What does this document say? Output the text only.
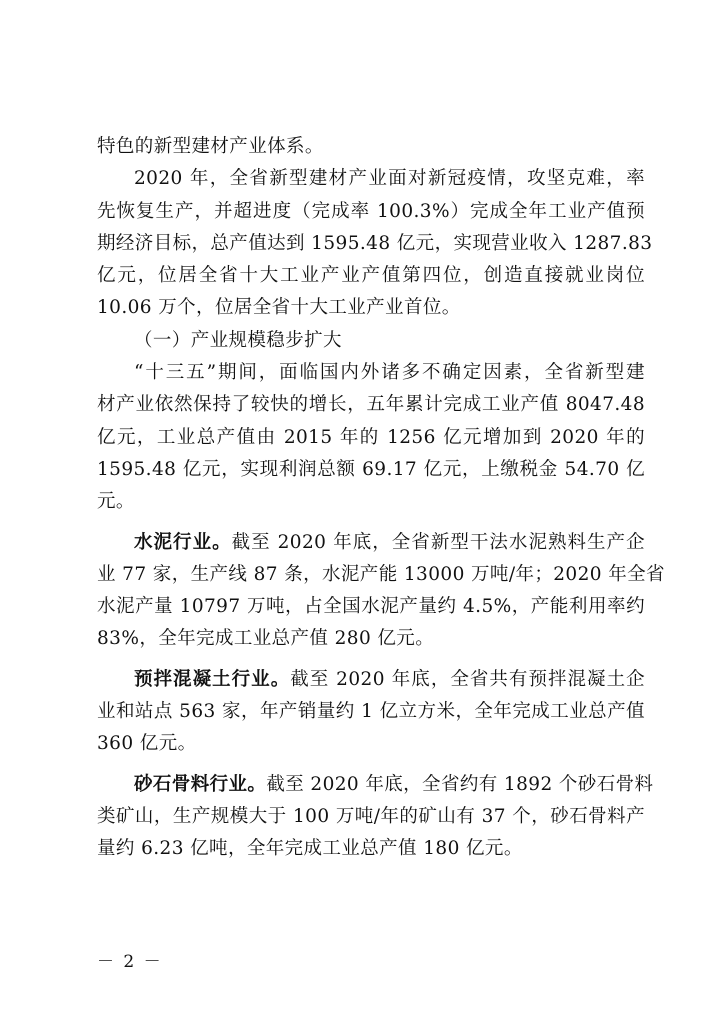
特色的新型建材产业体系。
2020 年，全省新型建材产业面对新冠疫情，攻坚克难，率
先恢复生产，并超进度（完成率 100.3%）完成全年工业产值预
期经济目标，总产值达到 1595.48 亿元，实现营业收入 1287.83
亿元，位居全省十大工业产业产值第四位，创造直接就业岗位
10.06 万个，位居全省十大工业产业首位。
（一）产业规模稳步扩大
“十三五”期间，面临国内外诸多不确定因素，全省新型建
材产业依然保持了较快的增长，五年累计完成工业产值 8047.48
亿元，工业总产值由 2015 年的 1256 亿元增加到 2020 年的
1595.48 亿元，实现利润总额 69.17 亿元，上缴税金 54.70 亿
元。
水泥行业。截至 2020 年底，全省新型干法水泥熟料生产企
业 77 家，生产线 87 条，水泥产能 13000 万吨/年；2020 年全省
水泥产量 10797 万吨，占全国水泥产量约 4.5%，产能利用率约
83%，全年完成工业总产值 280 亿元。
预拌混凝土行业。截至 2020 年底，全省共有预拌混凝土企
业和站点 563 家，年产销量约 1 亿立方米，全年完成工业总产值
360 亿元。
砂石骨料行业。截至 2020 年底，全省约有 1892 个砂石骨料
类矿山，生产规模大于 100 万吨/年的矿山有 37 个，砂石骨料产
量约 6.23 亿吨，全年完成工业总产值 180 亿元。
－ 2 －
